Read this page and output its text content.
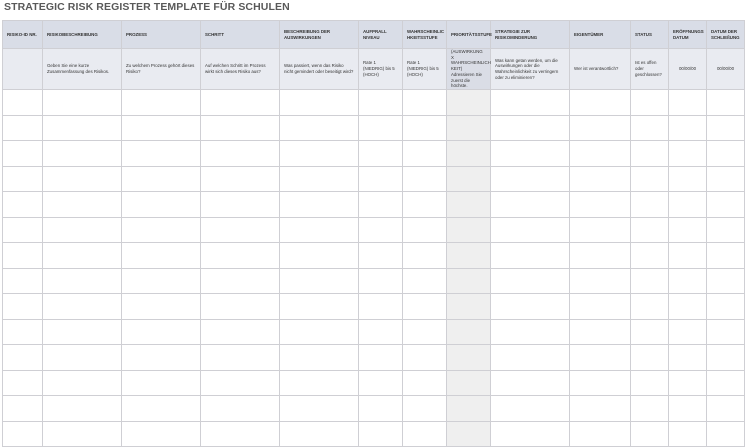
STRATEGIC RISK REGISTER TEMPLATE FÜR SCHULEN
RISIKO-ID NR.	RISIKOBESCHREIBUNG	PROZESS	SCHRITT	BESCHREIBUNG DER AUSWIRKUNGEN	AUFPRALL NIVEAU	WAHRSCHEINLIC HKEITSSTUFE	PRIORITÄTSSTUFE	STRATEGIE ZUR RISIKOMINDERUNG	EIGENTÜMER	STATUS	ERÖFFNUNGS DATUM	DATUM DER SCHLIEßUNG
	Geben Sie eine kurze Zusammenfassung des Risikos.	Zu welchem Prozess gehört dieses Risiko?	Auf welchen Schritt im Prozess wirkt sich dieses Risiko aus?	Was passiert, wenn das Risiko nicht gemindert oder beseitigt wird?	Rate 1 (NIEDRIG) bis 5 (HOCH)	Rate 1 (NIEDRIG) bis 5 (HOCH)	(AUSWIRKUNG X WAHRSCHEINLICH KEIT) Adressieren Sie zuerst die höchste.	Was kann getan werden, um die Auswirkungen oder die Wahrscheinlichkeit zu verringern oder zu eliminieren?	Wer ist verantwortlich?	Ist es offen oder geschlossen?	00/00/00	00/00/00
